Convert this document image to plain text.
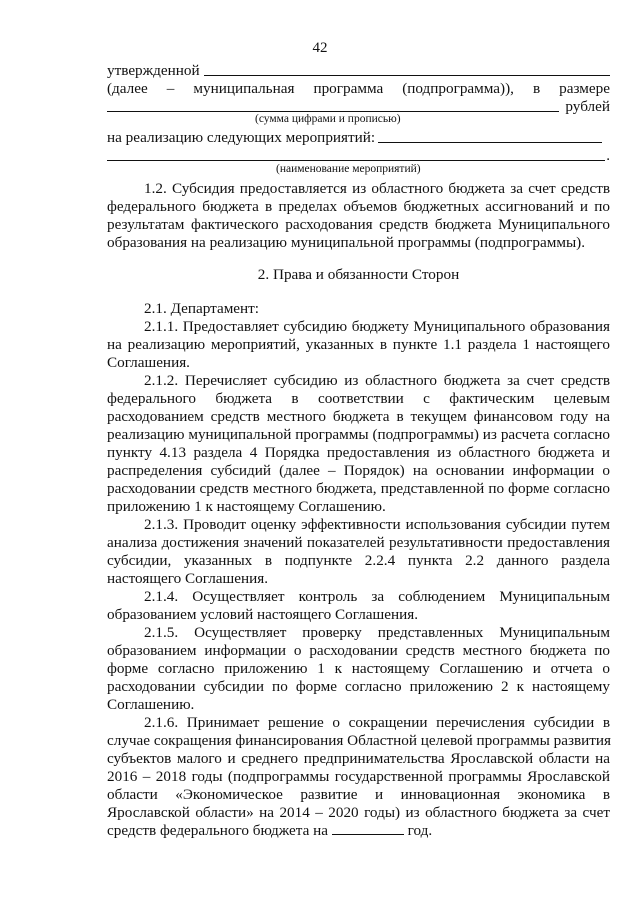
42
утвержденной
(далее – муниципальная программа (подпрограмма)), в размере
рублей
(сумма цифрами и прописью)
на реализацию следующих мероприятий:
.
(наименование мероприятий)
1.2. Субсидия предоставляется из областного бюджета за счет средств
федерального бюджета в пределах объемов бюджетных ассигнований и по
результатам фактического расходования средств бюджета Муниципального
образования на реализацию муниципальной программы (подпрограммы).
2. Права и обязанности Сторон
2.1. Департамент:
2.1.1. Предоставляет субсидию бюджету Муниципального образования
на реализацию мероприятий, указанных в пункте 1.1 раздела 1 настоящего
Соглашения.
2.1.2. Перечисляет субсидию из областного бюджета за счет средств
федерального бюджета в соответствии с фактическим целевым
расходованием средств местного бюджета в текущем финансовом году на
реализацию муниципальной программы (подпрограммы) из расчета согласно
пункту 4.13 раздела 4 Порядка предоставления из областного бюджета и
распределения субсидий (далее – Порядок) на основании информации о
расходовании средств местного бюджета, представленной по форме согласно
приложению 1 к настоящему Соглашению.
2.1.3. Проводит оценку эффективности использования субсидии путем
анализа достижения значений показателей результативности предоставления
субсидии, указанных в подпункте 2.2.4 пункта 2.2 данного раздела
настоящего Соглашения.
2.1.4. Осуществляет контроль за соблюдением Муниципальным
образованием условий настоящего Соглашения.
2.1.5. Осуществляет проверку представленных Муниципальным
образованием информации о расходовании средств местного бюджета по
форме согласно приложению 1 к настоящему Соглашению и отчета о
расходовании субсидии по форме согласно приложению 2 к настоящему
Соглашению.
2.1.6. Принимает решение о сокращении перечисления субсидии в
случае сокращения финансирования Областной целевой программы развития
субъектов малого и среднего предпринимательства Ярославской области на
2016 – 2018 годы (подпрограммы государственной программы Ярославской
области «Экономическое развитие и инновационная экономика в
Ярославской области» на 2014 – 2020 годы) из областного бюджета за счет
средств федерального бюджета на	год.
